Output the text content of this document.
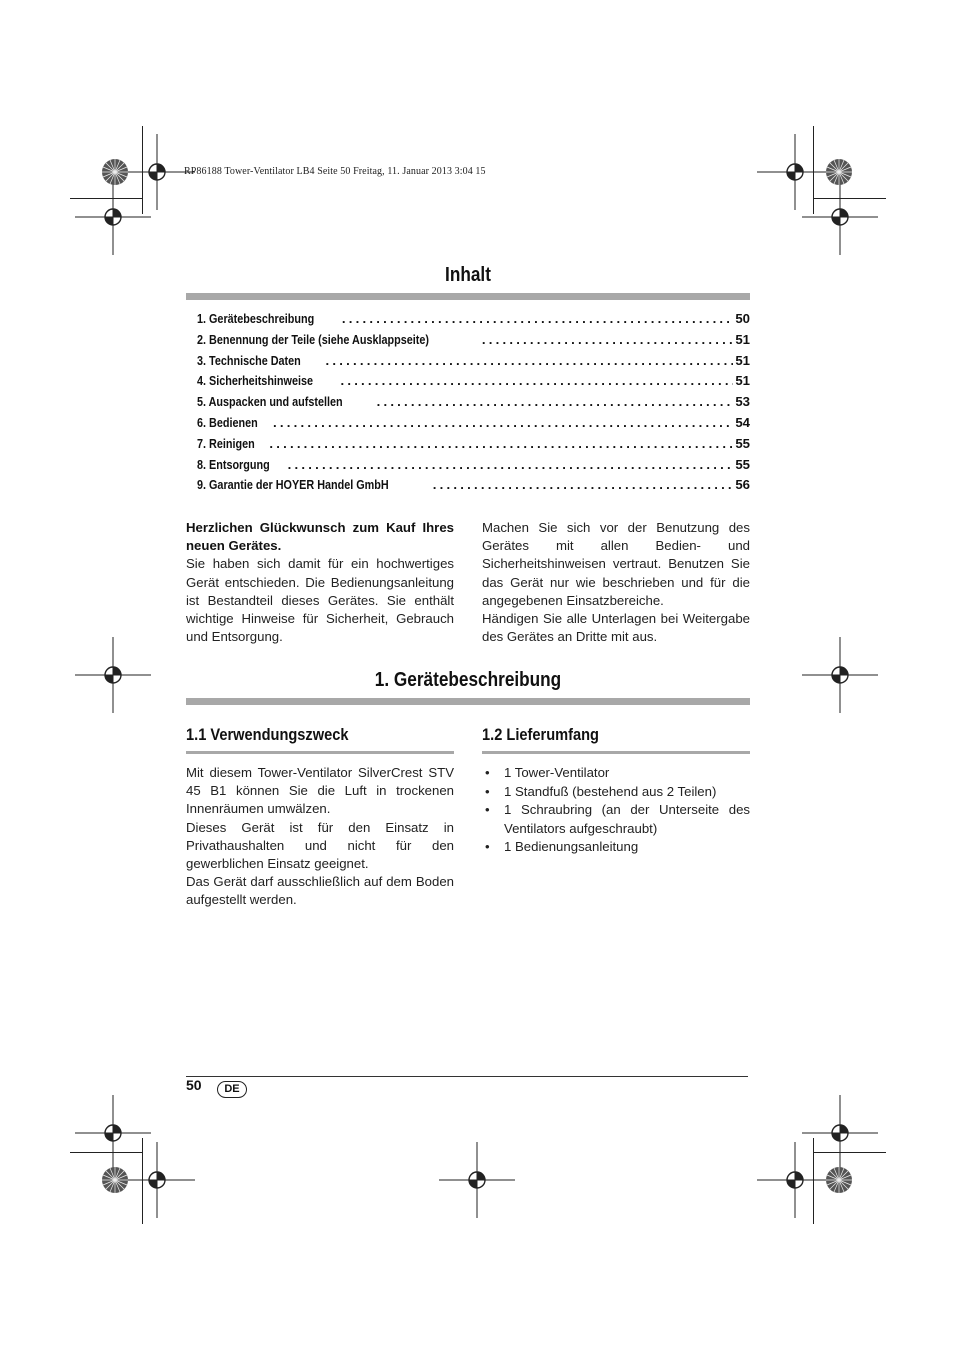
RP86188 Tower-Ventilator LB4 Seite 50 Freitag, 11. Januar 2013 3:04 15
Inhalt
1. Gerätebeschreibung .....	50
2. Benennung der Teile (siehe Ausklappseite) .....	51
3. Technische Daten .....	51
4. Sicherheitshinweise .....	51
5. Auspacken und aufstellen .....	53
6. Bedienen .....	54
7. Reinigen .....	55
8. Entsorgung .....	55
9. Garantie der HOYER Handel GmbH .....	56

Herzlichen Glückwunsch zum Kauf Ihres neuen Gerätes.

Sie haben sich damit für ein hochwertiges Gerät entschieden. Die Bedienungsanleitung ist Bestandteil dieses Gerätes. Sie enthält wichtige Hinweise für Sicherheit, Gebrauch und Entsorgung.

Machen Sie sich vor der Benutzung des Gerätes mit allen Bedien- und Sicherheitshinweisen vertraut. Benutzen Sie das Gerät nur wie beschrieben und für die angegebenen Einsatzbereiche.

Händigen Sie alle Unterlagen bei Weitergabe des Gerätes an Dritte mit aus.

1. Gerätebeschreibung
1.1 Verwendungszweck	1.2 Lieferumfang

Mit diesem Tower-Ventilator SilverCrest STV 45 B1 können Sie die Luft in trockenen Innenräumen umwälzen.

Dieses Gerät ist für den Einsatz in Privathaushalten und nicht für den gewerblichen Einsatz geeignet.

Das Gerät darf ausschließlich auf dem Boden aufgestellt werden.

•	1 Tower-Ventilator
•	1 Standfuß (bestehend aus 2 Teilen)
•	1 Schraubring (an der Unterseite des Ventilators aufgeschraubt)
•	1 Bedienungsanleitung
50	DE
